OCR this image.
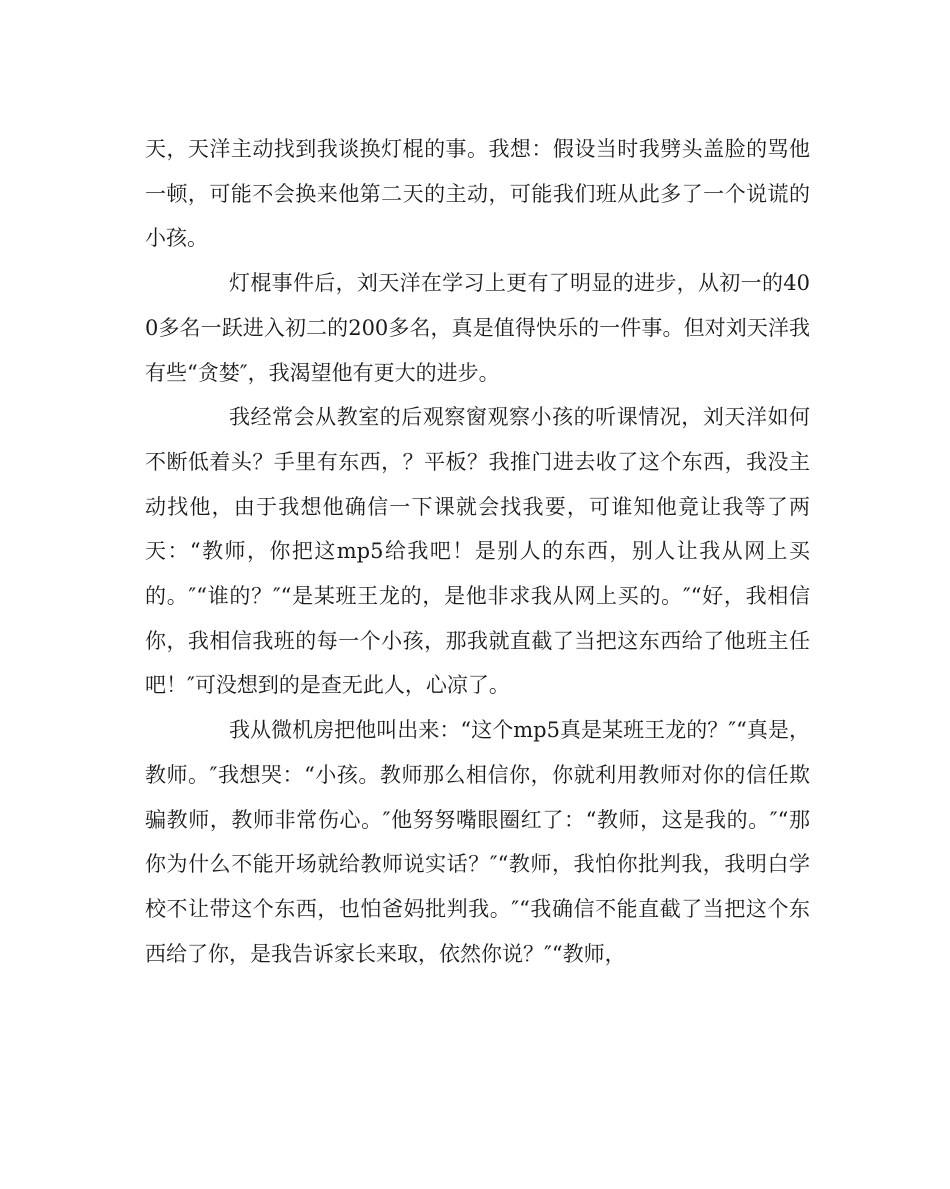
天，天洋主动找到我谈换灯棍的事。我想：假设当时我劈头盖脸的骂他一顿，可能不会换来他第二天的主动，可能我们班从此多了一个说谎的小孩。

灯棍事件后，刘天洋在学习上更有了明显的进步，从初一的400多名一跃进入初二的200多名，真是值得快乐的一件事。但对刘天洋我有些“贪婪″，我渴望他有更大的进步。

我经常会从教室的后观察窗观察小孩的听课情况，刘天洋如何不断低着头？手里有东西，？平板？我推门进去收了这个东西，我没主动找他，由于我想他确信一下课就会找我要，可谁知他竟让我等了两天：“教师，你把这mp5给我吧！是别人的东西，别人让我从网上买的。″“谁的？″“是某班王龙的，是他非求我从网上买的。″“好，我相信你，我相信我班的每一个小孩，那我就直截了当把这东西给了他班主任吧！″可没想到的是查无此人，心凉了。

我从微机房把他叫出来：“这个mp5真是某班王龙的？″“真是，教师。″我想哭：“小孩。教师那么相信你，你就利用教师对你的信任欺骗教师，教师非常伤心。″他努努嘴眼圈红了：“教师，这是我的。″“那你为什么不能开场就给教师说实话？″“教师，我怕你批判我，我明白学校不让带这个东西，也怕爸妈批判我。″“我确信不能直截了当把这个东西给了你，是我告诉家长来取，依然你说？″“教师，
